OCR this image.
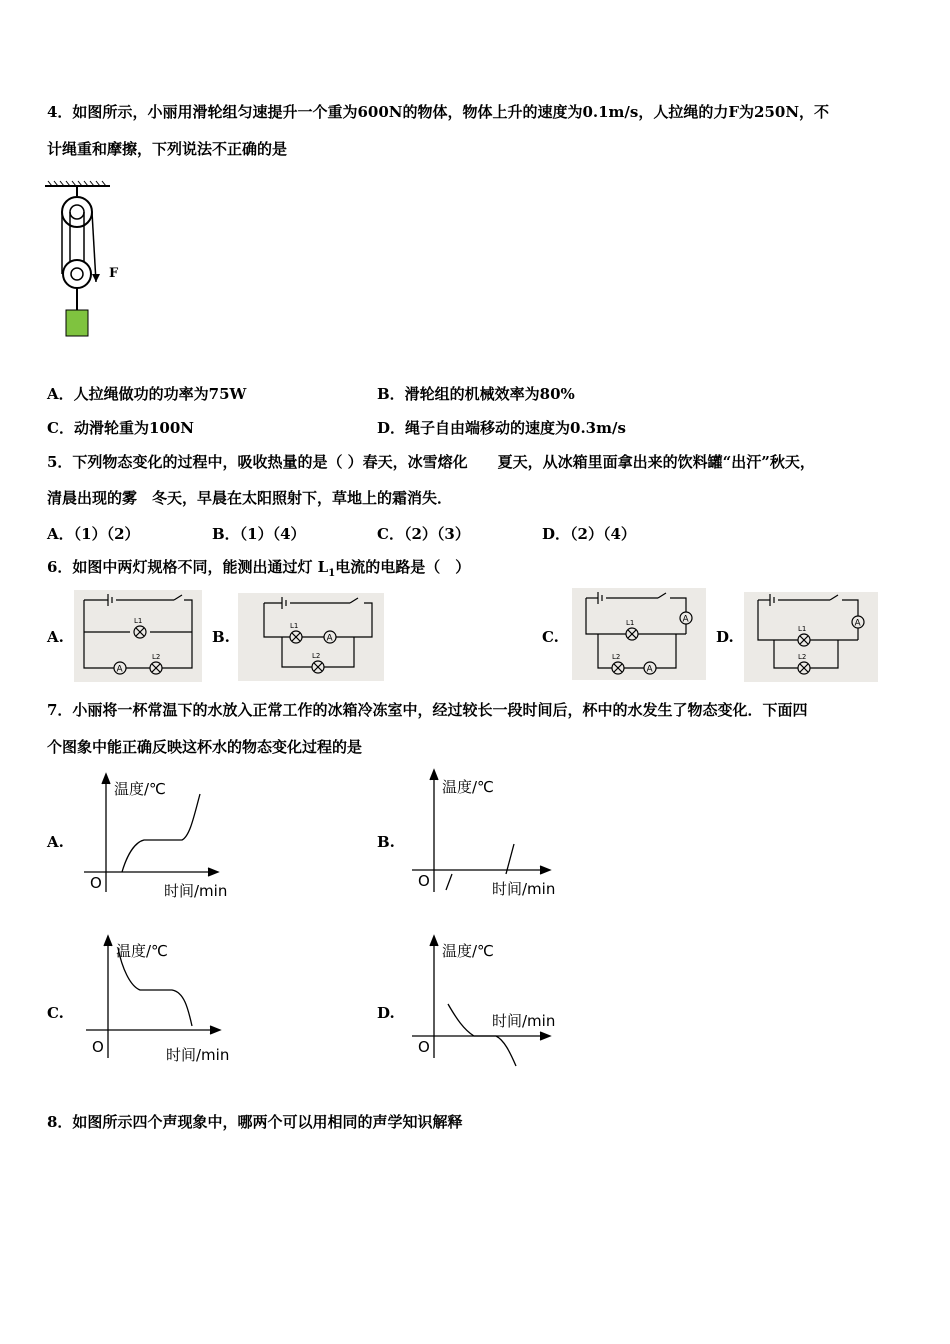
4．如图所示，小丽用滑轮组匀速提升一个重为600N的物体，物体上升的速度为0.1m/s，人拉绳的力F为250N，不
计绳重和摩擦，下列说法不正确的是
F
A．人拉绳做功的功率为75W	B．滑轮组的机械效率为80%
C．动滑轮重为100N	D．绳子自由端移动的速度为0.3m/s
5．下列物态变化的过程中，吸收热量的是（ ）春天，冰雪熔化　　夏天，从冰箱里面拿出来的饮料罐“出汗”秋天，
清晨出现的雾　冬天，早晨在太阳照射下，草地上的霜消失．
A．（1）（2）	B．（1）（4）	C．（2）（3）	D．（2）（4）
6．如图中两灯规格不同，能测出通过灯 $L_1$电流的电路是（　）
A.	B.	C.	D.
A
L1
L2
A
L1
L2
A
A
L1
L2
A
L1
L2
7．小丽将一杯常温下的水放入正常工作的冰箱冷冻室中，经过较长一段时间后，杯中的水发生了物态变化．下面四
个图象中能正确反映这杯水的物态变化过程的是
A.	B.
C.	D.
温度/℃
时间/min
O
温度/℃
时间/min
O
温度/℃
时间/min
O
温度/℃
时间/min
O
8．如图所示四个声现象中，哪两个可以用相同的声学知识解释
